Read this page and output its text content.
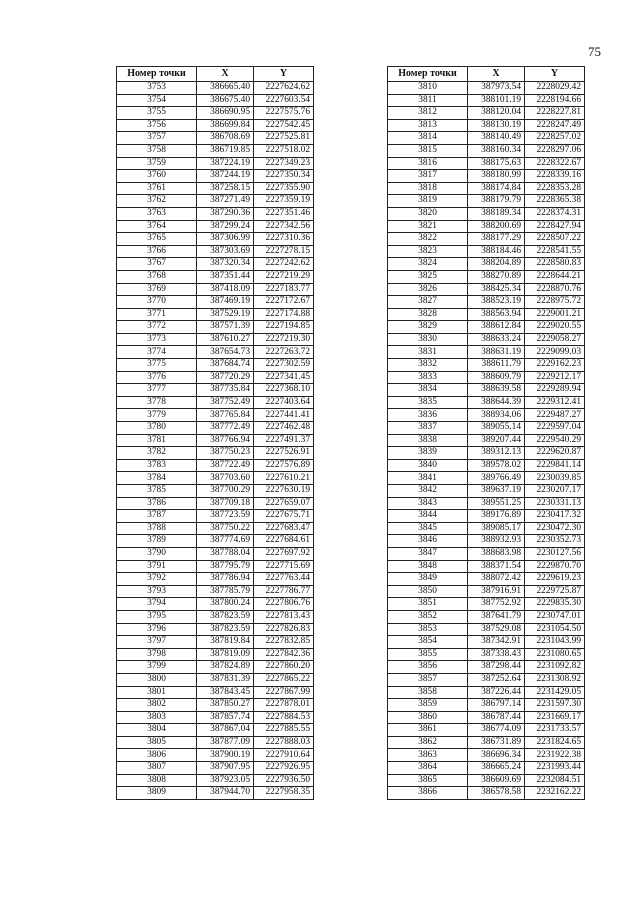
75
Номер точки	X	Y
3753	386665.40	2227624.62
3754	386675.40	2227603.54
3755	386690.95	2227575.76
3756	386699.84	2227542.45
3757	386708.69	2227525.81
3758	386719.85	2227518.02
3759	387224.19	2227349.23
3760	387244.19	2227350.34
3761	387258.15	2227355.90
3762	387271.49	2227359.19
3763	387290.36	2227351.46
3764	387299.24	2227342.56
3765	387306.99	2227310.36
3766	387303.69	2227278.15
3767	387320.34	2227242.62
3768	387351.44	2227219.29
3769	387418.09	2227183.77
3770	387469.19	2227172.67
3771	387529.19	2227174.88
3772	387571.39	2227194.85
3773	387610.27	2227219.30
3774	387654.73	2227263.72
3775	387684.74	2227302.59
3776	387720.29	2227341.45
3777	387735.84	2227368.10
3778	387752.49	2227403.64
3779	387765.84	2227441.41
3780	387772.49	2227462.48
3781	387766.94	2227491.37
3782	387750.23	2227526.91
3783	387722.49	2227576.89
3784	387703.60	2227610.21
3785	387700.29	2227630.19
3786	387709.18	2227659.07
3787	387723.59	2227675.71
3788	387750.22	2227683.47
3789	387774.69	2227684.61
3790	387788.04	2227697.92
3791	387795.79	2227715.69
3792	387786.94	2227763.44
3793	387785.79	2227786.77
3794	387800.24	2227806.76
3795	387823.59	2227813.43
3796	387823.59	2227826.83
3797	387819.84	2227832.85
3798	387819.09	2227842.36
3799	387824.89	2227860.20
3800	387831.39	2227865.22
3801	387843.45	2227867.99
3802	387850.27	2227878.01
3803	387857.74	2227884.53
3804	387867.04	2227885.55
3805	387877.09	2227888.03
3806	387900.19	2227910.64
3807	387907.95	2227926.95
3808	387923.05	2227936.50
3809	387944.70	2227958.35
Номер точки	X	Y
3810	387973.54	2228029.42
3811	388101.19	2228194.66
3812	388120.04	2228227.81
3813	388130.19	2228247.49
3814	388140.49	2228257.02
3815	388160.34	2228297.06
3816	388175.63	2228322.67
3817	388180.99	2228339.16
3818	388174.84	2228353.28
3819	388179.79	2228365.38
3820	388189.34	2228374.31
3821	388200.69	2228427.94
3822	388177.29	2228507.22
3823	388184.46	2228541.55
3824	388204.89	2228580.83
3825	388270.89	2228644.21
3826	388425.34	2228870.76
3827	388523.19	2228975.72
3828	388563.94	2229001.21
3829	388612.84	2229020.55
3830	388633.24	2229058.27
3831	388631.19	2229099.03
3832	388611.79	2229162.23
3833	388609.79	2229212.17
3834	388639.58	2229289.94
3835	388644.39	2229312.41
3836	388934.06	2229487.27
3837	389055.14	2229597.04
3838	389207.44	2229540.29
3839	389312.13	2229620.87
3840	389578.02	2229841.14
3841	389766.49	2230039.85
3842	389637.19	2230207.17
3843	389551.25	2230331.13
3844	389176.89	2230417.32
3845	389085.17	2230472.30
3846	388932.93	2230352.73
3847	388683.98	2230127.56
3848	388371.54	2229870.70
3849	388072.42	2229619.23
3850	387916.91	2229725.87
3851	387752.92	2229835.30
3852	387641.79	2230747.01
3853	387529.08	2231054.50
3854	387342.91	2231043.99
3855	387338.43	2231080.65
3856	387298.44	2231092.82
3857	387252.64	2231308.92
3858	387226.44	2231429.05
3859	386797.14	2231597.30
3860	386787.44	2231669.17
3861	386774.09	2231733.57
3862	386731.89	2231824.65
3863	386696.34	2231922.38
3864	386665.24	2231993.44
3865	386609.69	2232084.51
3866	386578.58	2232162.22
